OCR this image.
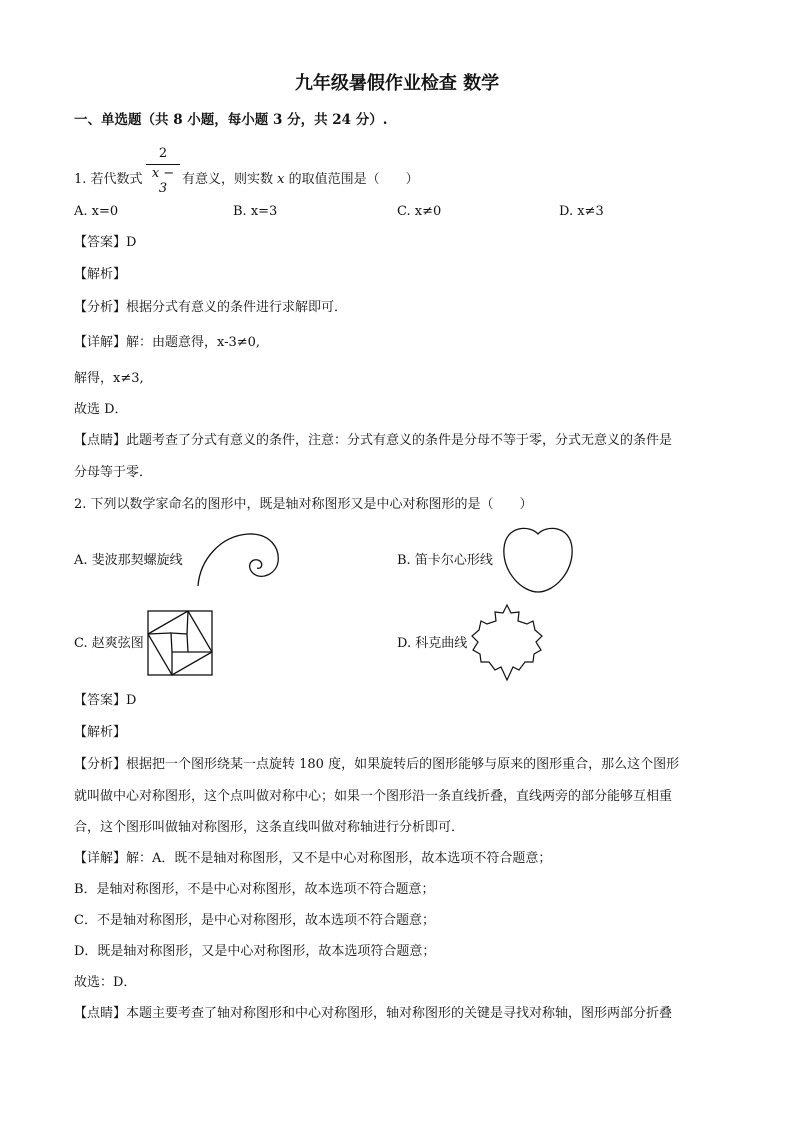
九年级暑假作业检查 数学
一、单选题（共 8 小题，每小题 3 分，共 24 分）.
1. 若代数式
2
x − 3
有意义，则实数 x 的取值范围是（　　）
A. x=0	B. x=3	C. x≠0	D. x≠3
【答案】D
【解析】
【分析】根据分式有意义的条件进行求解即可．
【详解】解：由题意得，x-3≠0,
解得，x≠3,
故选 D．
【点睛】此题考查了分式有意义的条件，注意：分式有意义的条件是分母不等于零，分式无意义的条件是
分母等于零．
2. 下列以数学家命名的图形中，既是轴对称图形又是中心对称图形的是（　　）
A. 斐波那契螺旋线	B. 笛卡尔心形线
C. 赵爽弦图	D. 科克曲线
【答案】D
【解析】
【分析】根据把一个图形绕某一点旋转 180 度，如果旋转后的图形能够与原来的图形重合，那么这个图形
就叫做中心对称图形，这个点叫做对称中心；如果一个图形沿一条直线折叠，直线两旁的部分能够互相重
合，这个图形叫做轴对称图形，这条直线叫做对称轴进行分析即可．
【详解】解：A．既不是轴对称图形，又不是中心对称图形，故本选项不符合题意；
B．是轴对称图形，不是中心对称图形，故本选项不符合题意；
C．不是轴对称图形，是中心对称图形，故本选项不符合题意；
D．既是轴对称图形，又是中心对称图形，故本选项符合题意；
故选：D．
【点睛】本题主要考查了轴对称图形和中心对称图形，轴对称图形的关键是寻找对称轴，图形两部分折叠
